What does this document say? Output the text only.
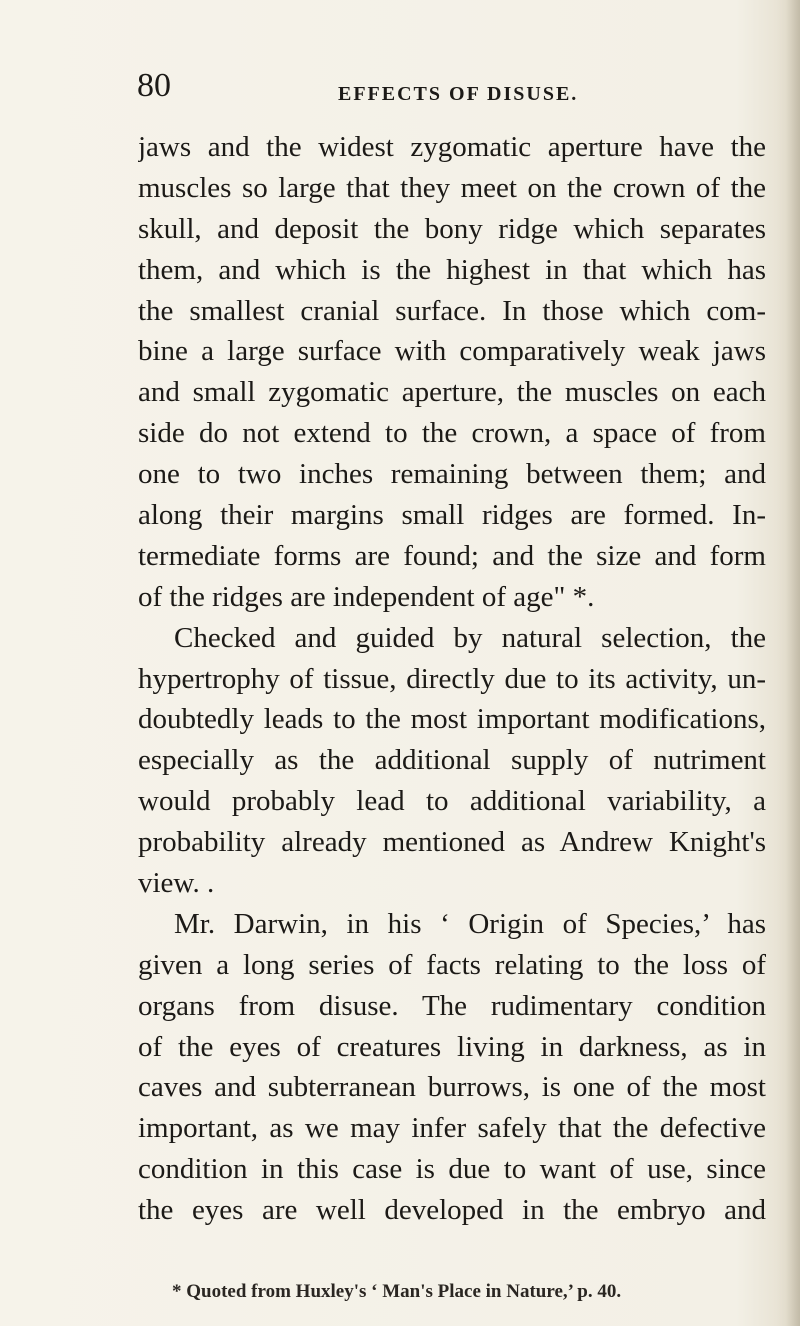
80	EFFECTS OF DISUSE.
jaws and the widest zygomatic aperture have the
muscles so large that they meet on the crown of the
skull, and deposit the bony ridge which separates
them, and which is the highest in that which has
the smallest cranial surface. In those which com-
bine a large surface with comparatively weak jaws
and small zygomatic aperture, the muscles on each
side do not extend to the crown, a space of from
one to two inches remaining between them; and
along their margins small ridges are formed. In-
termediate forms are found; and the size and form
of the ridges are independent of age" *.
Checked and guided by natural selection, the
hypertrophy of tissue, directly due to its activity, un-
doubtedly leads to the most important modifications,
especially as the additional supply of nutriment
would probably lead to additional variability, a
probability already mentioned as Andrew Knight's
view. .
Mr. Darwin, in his ‘ Origin of Species,’ has
given a long series of facts relating to the loss of
organs from disuse. The rudimentary condition
of the eyes of creatures living in darkness, as in
caves and subterranean burrows, is one of the most
important, as we may infer safely that the defective
condition in this case is due to want of use, since
the eyes are well developed in the embryo and
* Quoted from Huxley's ‘ Man's Place in Nature,’ p. 40.
